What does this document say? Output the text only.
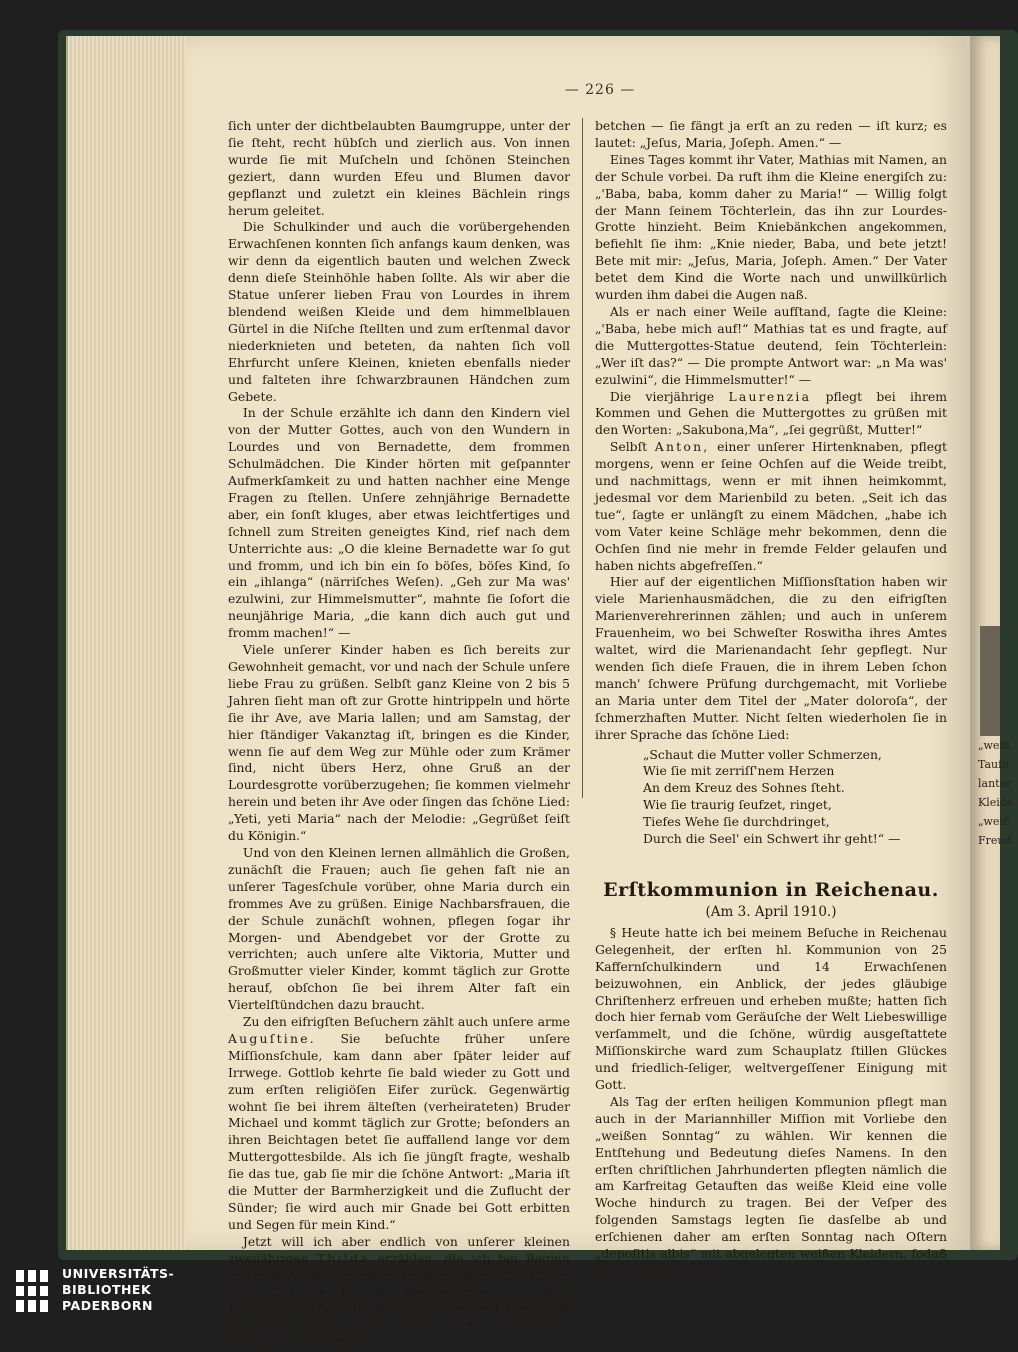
„weiß
Taufe
lanter
Kleide
„weiß
Freud
— 226 —

ſich unter der dichtbelaubten Baumgruppe, unter der ſie ſteht, recht hübſch und zierlich aus. Von innen wurde ſie mit Muſcheln und ſchönen Steinchen geziert, dann wurden Efeu und Blumen davor gepflanzt und zuletzt ein kleines Bächlein rings herum geleitet.

Die Schulkinder und auch die vorübergehenden Erwachſenen konnten ſich anfangs kaum denken, was wir denn da eigentlich bauten und welchen Zweck denn dieſe Steinhöhle haben ſollte. Als wir aber die Statue unſerer lieben Frau von Lourdes in ihrem blendend weißen Kleide und dem himmelblauen Gürtel in die Niſche ſtellten und zum erſtenmal davor niederknieten und beteten, da nahten ſich voll Ehrfurcht unſere Kleinen, knieten ebenfalls nieder und falteten ihre ſchwarzbraunen Händchen zum Gebete.

In der Schule erzählte ich dann den Kindern viel von der Mutter Gottes, auch von den Wundern in Lourdes und von Bernadette, dem frommen Schulmädchen. Die Kinder hörten mit geſpannter Aufmerkſamkeit zu und hatten nachher eine Menge Fragen zu ſtellen. Unſere zehnjährige Bernadette aber, ein ſonſt kluges, aber etwas leichtfertiges und ſchnell zum Streiten geneigtes Kind, rief nach dem Unterrichte aus: „O die kleine Bernadette war ſo gut und fromm, und ich bin ein ſo böſes, böſes Kind, ſo ein „ihlanga“ (närriſches Weſen). „Geh zur Ma was' ezulwini, zur Himmelsmutter“, mahnte ſie ſofort die neunjährige Maria, „die kann dich auch gut und fromm machen!“ —

Viele unſerer Kinder haben es ſich bereits zur Gewohnheit gemacht, vor und nach der Schule unſere liebe Frau zu grüßen. Selbſt ganz Kleine von 2 bis 5 Jahren ſieht man oft zur Grotte hintrippeln und hörte ſie ihr Ave, ave Maria lallen; und am Samstag, der hier ſtändiger Vakanztag iſt, bringen es die Kinder, wenn ſie auf dem Weg zur Mühle oder zum Krämer ſind, nicht übers Herz, ohne Gruß an der Lourdesgrotte vorüberzugehen; ſie kommen vielmehr herein und beten ihr Ave oder ſingen das ſchöne Lied: „Yeti, yeti Maria“ nach der Melodie: „Gegrüßet ſeiſt du Königin.“

Und von den Kleinen lernen allmählich die Großen, zunächſt die Frauen; auch ſie gehen faſt nie an unſerer Tagesſchule vorüber, ohne Maria durch ein frommes Ave zu grüßen. Einige Nachbarsfrauen, die der Schule zunächſt wohnen, pflegen ſogar ihr Morgen- und Abendgebet vor der Grotte zu verrichten; auch unſere alte Viktoria, Mutter und Großmutter vieler Kinder, kommt täglich zur Grotte herauf, obſchon ſie bei ihrem Alter faſt ein Viertelſtündchen dazu braucht.

Zu den eifrigſten Beſuchern zählt auch unſere arme Auguſtine. Sie beſuchte früher unſere Miſſionsſchule, kam dann aber ſpäter leider auf Irrwege. Gottlob kehrte ſie bald wieder zu Gott und zum erſten religiöſen Eifer zurück. Gegenwärtig wohnt ſie bei ihrem älteſten (verheirateten) Bruder Michael und kommt täglich zur Grotte; beſonders an ihren Beichtagen betet ſie auffallend lange vor dem Muttergottesbilde. Als ich ſie jüngſt fragte, weshalb ſie das tue, gab ſie mir die ſchöne Antwort: „Maria iſt die Mutter der Barmherzigkeit und die Zuflucht der Sünder; ſie wird auch mir Gnade bei Gott erbitten und Segen für mein Kind.“

Jetzt will ich aber endlich von unſerer kleinen zweijährigen Thilda erzählen, die ich bei Beginn dieſes Berichtes eigentlich im Sinne hatte. Die Kleine weilt Tag für Tag im Kindergarten; als kluge Beobachterin ſieht ſie die Schweſtern und Kinder oft vor der Grotte knieen und macht dies daher getreulich nach. Ihr Ge-

betchen — ſie fängt ja erſt an zu reden — iſt kurz; es lautet: „Jeſus, Maria, Joſeph. Amen.“ —

Eines Tages kommt ihr Vater, Mathias mit Namen, an der Schule vorbei. Da ruft ihm die Kleine energiſch zu: „'Baba, baba, komm daher zu Maria!“ — Willig folgt der Mann ſeinem Töchterlein, das ihn zur Lourdes-Grotte hinzieht. Beim Kniebänkchen angekommen, befiehlt ſie ihm: „Knie nieder, Baba, und bete jetzt! Bete mit mir: „Jeſus, Maria, Joſeph. Amen.“ Der Vater betet dem Kind die Worte nach und unwillkürlich wurden ihm dabei die Augen naß.

Als er nach einer Weile aufſtand, ſagte die Kleine: „'Baba, hebe mich auf!“ Mathias tat es und fragte, auf die Muttergottes-Statue deutend, ſein Töchterlein: „Wer iſt das?“ — Die prompte Antwort war: „n Ma was' ezulwini“, die Himmelsmutter!“ —

Die vierjährige Laurenzia pflegt bei ihrem Kommen und Gehen die Muttergottes zu grüßen mit den Worten: „Sakubona,Ma“, „ſei gegrüßt, Mutter!“

Selbſt Anton, einer unſerer Hirtenknaben, pflegt morgens, wenn er ſeine Ochſen auf die Weide treibt, und nachmittags, wenn er mit ihnen heimkommt, jedesmal vor dem Marienbild zu beten. „Seit ich das tue“, ſagte er unlängſt zu einem Mädchen, „habe ich vom Vater keine Schläge mehr bekommen, denn die Ochſen ſind nie mehr in fremde Felder gelaufen und haben nichts abgefreſſen.“

Hier auf der eigentlichen Miſſionsſtation haben wir viele Marienhausmädchen, die zu den eifrigſten Marienverehrerinnen zählen; und auch in unſerem Frauenheim, wo bei Schweſter Roswitha ihres Amtes waltet, wird die Marienandacht ſehr gepflegt. Nur wenden ſich dieſe Frauen, die in ihrem Leben ſchon manch' ſchwere Prüfung durchgemacht, mit Vorliebe an Maria unter dem Titel der „Mater doloroſa“, der ſchmerzhaften Mutter. Nicht ſelten wiederholen ſie in ihrer Sprache das ſchöne Lied:

„Schaut die Mutter voller Schmerzen,
Wie ſie mit zerriſſ'nem Herzen
An dem Kreuz des Sohnes ſteht.
Wie ſie traurig ſeufzet, ringet,
Tiefes Wehe ſie durchdringet,
Durch die Seel' ein Schwert ihr geht!“ —
Erſtkommunion in Reichenau.
(Am 3. April 1910.)

§ Heute hatte ich bei meinem Beſuche in Reichenau Gelegenheit, der erſten hl. Kommunion von 25 Kaffernſchulkindern und 14 Erwachſenen beizuwohnen, ein Anblick, der jedes gläubige Chriſtenherz erfreuen und erheben mußte; hatten ſich doch hier fernab vom Geräuſche der Welt Liebeswillige verſammelt, und die ſchöne, würdig ausgeſtattete Miſſionskirche ward zum Schauplatz ſtillen Glückes und friedlich-ſeliger, weltvergeſſener Einigung mit Gott.

Als Tag der erſten heiligen Kommunion pflegt man auch in der Mariannhiller Miſſion mit Vorliebe den „weißen Sonntag“ zu wählen. Wir kennen die Entſtehung und Bedeutung dieſes Namens. In den erſten chriſtlichen Jahrhunderten pflegten nämlich die am Karfreitag Getauften das weiße Kleid eine volle Woche hindurch zu tragen. Bei der Veſper des folgenden Samstags legten ſie dasſelbe ab und erſchienen daher am erſten Sonntag nach Oſtern „depoſitis albis“ mit abgelegten weißen Kleidern, ſodaß jenem Tag der Name

UNIVERSITÄTS-
BIBLIOTHEK
PADERBORN
